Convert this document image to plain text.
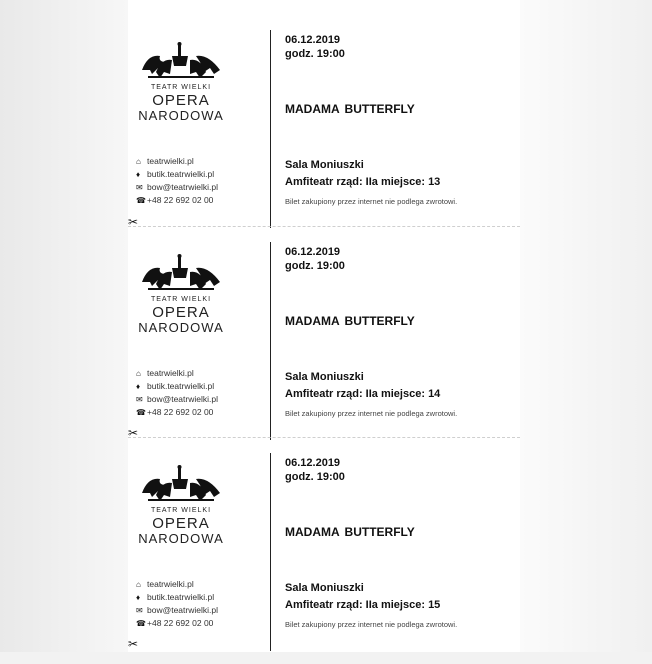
TEATR WIELKI
OPERA
NARODOWA
⌂ teatrwielki.pl
♦ butik.teatrwielki.pl
✉ bow@teatrwielki.pl
☎+48 22 692 02 00
06.12.2019
godz. 19:00
MADAMA BUTTERFLY
Sala Moniuszki
Amfiteatr rząd: IIa miejsce: 13
Bilet zakupiony przez internet nie podlega zwrotowi.
✂
TEATR WIELKI
OPERA
NARODOWA
⌂ teatrwielki.pl
♦ butik.teatrwielki.pl
✉ bow@teatrwielki.pl
☎+48 22 692 02 00
06.12.2019
godz. 19:00
MADAMA BUTTERFLY
Sala Moniuszki
Amfiteatr rząd: IIa miejsce: 14
Bilet zakupiony przez internet nie podlega zwrotowi.
✂
TEATR WIELKI
OPERA
NARODOWA
⌂ teatrwielki.pl
♦ butik.teatrwielki.pl
✉ bow@teatrwielki.pl
☎+48 22 692 02 00
06.12.2019
godz. 19:00
MADAMA BUTTERFLY
Sala Moniuszki
Amfiteatr rząd: IIa miejsce: 15
Bilet zakupiony przez internet nie podlega zwrotowi.
✂
